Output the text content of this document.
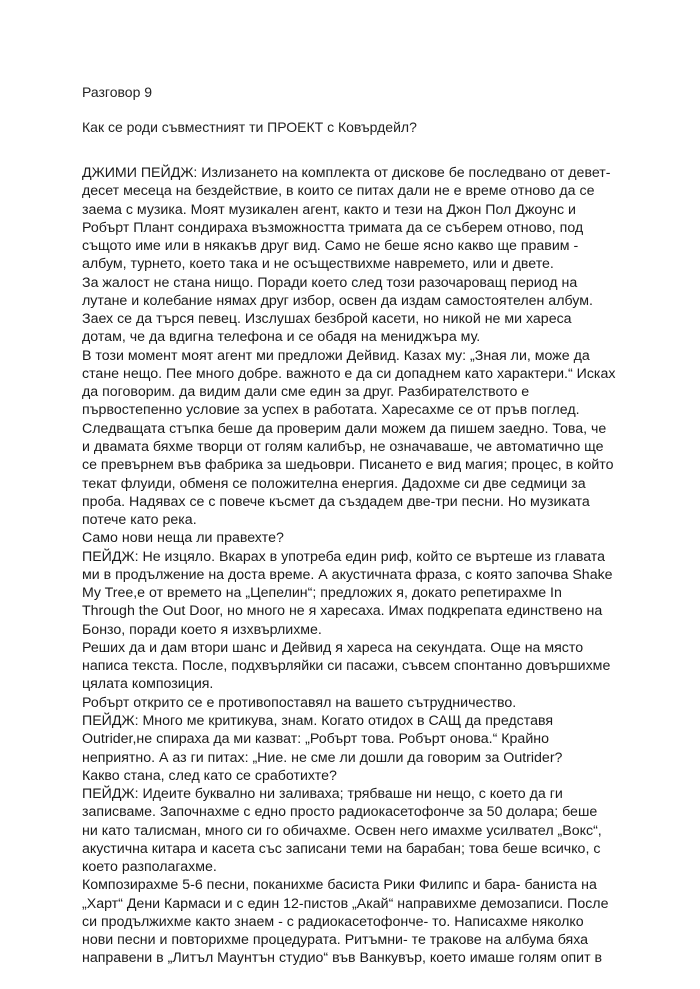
Разговор 9
Как се роди съвместният ти ПРОЕКТ с Ковърдейл?
ДЖИМИ ПЕЙДЖ: Излизането на комплекта от дискове бе последвано от девет-
десет месеца на бездействие, в които се питах дали не е време отново да се
заема с музика. Моят музикален агент, както и тези на Джон Пол Джоунс и
Робърт Плант сондираха възможността тримата да се съберем отново, под
същото име или в някакъв друг вид. Само не беше ясно какво ще правим -
албум, турнето, което така и не осъществихме навремето, или и двете.
За жалост не стана нищо. Поради което след този разочароващ период на
лутане и колебание нямах друг избор, освен да издам самостоятелен албум.
Заех се да търся певец. Изслушах безброй касети, но никой не ми хареса
дотам, че да вдигна телефона и се обадя на мениджъра му.
В този момент моят агент ми предложи Дейвид. Казах му: „Зная ли, може да
стане нещо. Пее много добре. важното е да си допаднем като характери.“ Исках
да поговорим. да видим дали сме един за друг. Разбирателството е
първостепенно условие за успех в работата. Харесахме се от пръв поглед.
Следващата стъпка беше да проверим дали можем да пишем заедно. Това, че
и двамата бяхме творци от голям калибър, не означаваше, че автоматично ще
се превърнем във фабрика за шедьоври. Писането е вид магия; процес, в който
текат флуиди, обменя се положителна енергия. Дадохме си две седмици за
проба. Надявах се с повече късмет да създадем две-три песни. Но музиката
потече като река.
Само нови неща ли правехте?
ПЕЙДЖ: Не изцяло. Вкарах в употреба един риф, който се въртеше из главата
ми в продължение на доста време. А акустичната фраза, с която започва Shake
My Tree,е от времето на „Цепелин“; предложих я, докато репетирахме In
Through the Out Door, но много не я харесаха. Имах подкрепата единствено на
Бонзо, поради което я изхвърлихме.
Реших да и дам втори шанс и Дейвид я хареса на секундата. Още на място
написа текста. После, подхвърляйки си пасажи, съвсем спонтанно довършихме
цялата композиция.
Робърт открито се е противопоставял на вашето сътрудничество.
ПЕЙДЖ: Много ме критикува, знам. Когато отидох в САЩ да представя
Outrider,не спираха да ми казват: „Робърт това. Робърт онова.“ Крайно
неприятно. А аз ги питах: „Ние. не сме ли дошли да говорим за Outrider?
Какво стана, след като се сработихте?
ПЕЙДЖ: Идеите буквално ни заливаха; трябваше ни нещо, с което да ги
записваме. Започнахме с едно просто радиокасетофонче за 50 долара; беше
ни като талисман, много си го обичахме. Освен него имахме усилвател „Вокс“,
акустична китара и касета със записани теми на барабан; това беше всичко, с
което разполагахме.
Композирахме 5-6 песни, поканихме басиста Рики Филипс и бара- баниста на
„Харт“ Дени Кармаси и с един 12-пистов „Акай“ направихме демозаписи. После
си продължихме както знаем - с радиокасетофонче- то. Написахме няколко
нови песни и повторихме процедурата. Ритъмни- те тракове на албума бяха
направени в „Литъл Маунтън студио“ във Ванкувър, което имаше голям опит в
